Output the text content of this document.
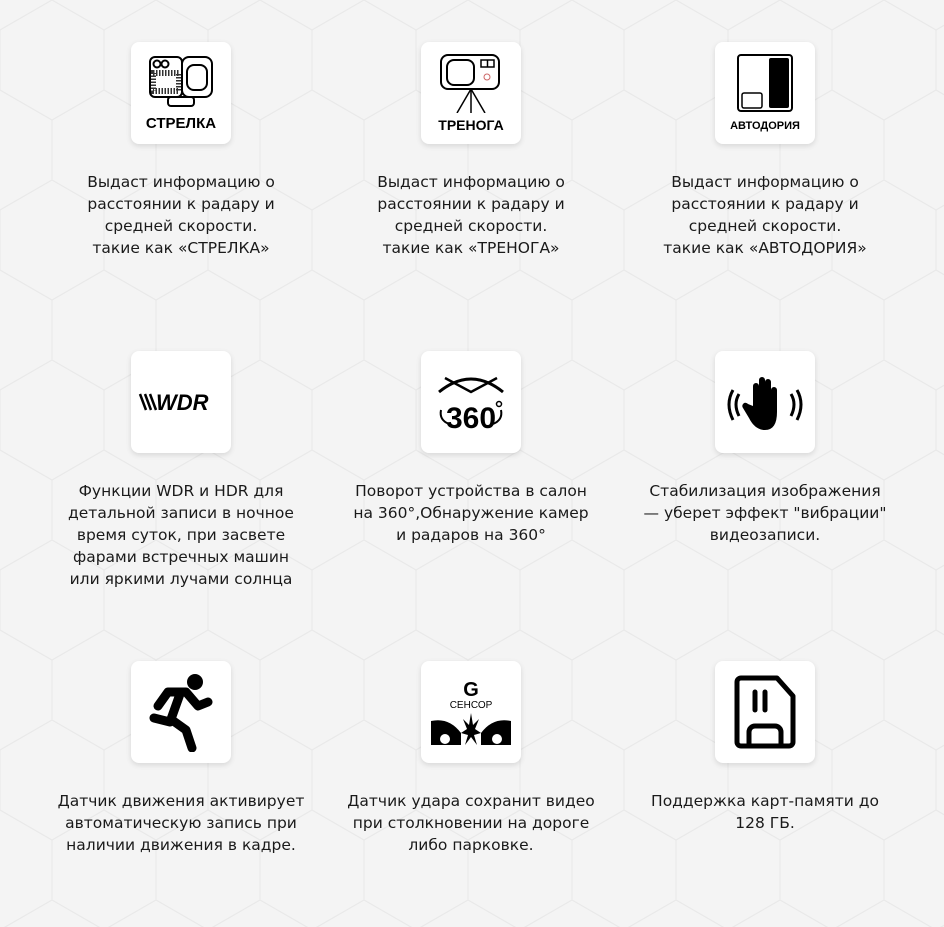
СТРЕЛКА
Выдаст информацию о
расстоянии к радару и
средней скорости.
такие как «СТРЕЛКА»
ТРЕНОГА
Выдаст информацию о
расстоянии к радару и
средней скорости.
такие как «ТРЕНОГА»
АВТОДОРИЯ
Выдаст информацию о
расстоянии к радару и
средней скорости.
такие как «АВТОДОРИЯ»
WDR
Функции WDR и HDR для
детальной записи в ночное
время суток, при засвете
фарами встречных машин
или яркими лучами солнца
360
Поворот устройства в салон
на 360°,Обнаружение камер
и радаров на 360°
Стабилизация изображения
— уберет эффект "вибрации"
видеозаписи.
Датчик движения активирует
автоматическую запись при
наличии движения в кадре.
G
СЕНСОР
Датчик удара сохранит видео
при столкновении на дороге
либо парковке.
Поддержка карт-памяти до
128 ГБ.
